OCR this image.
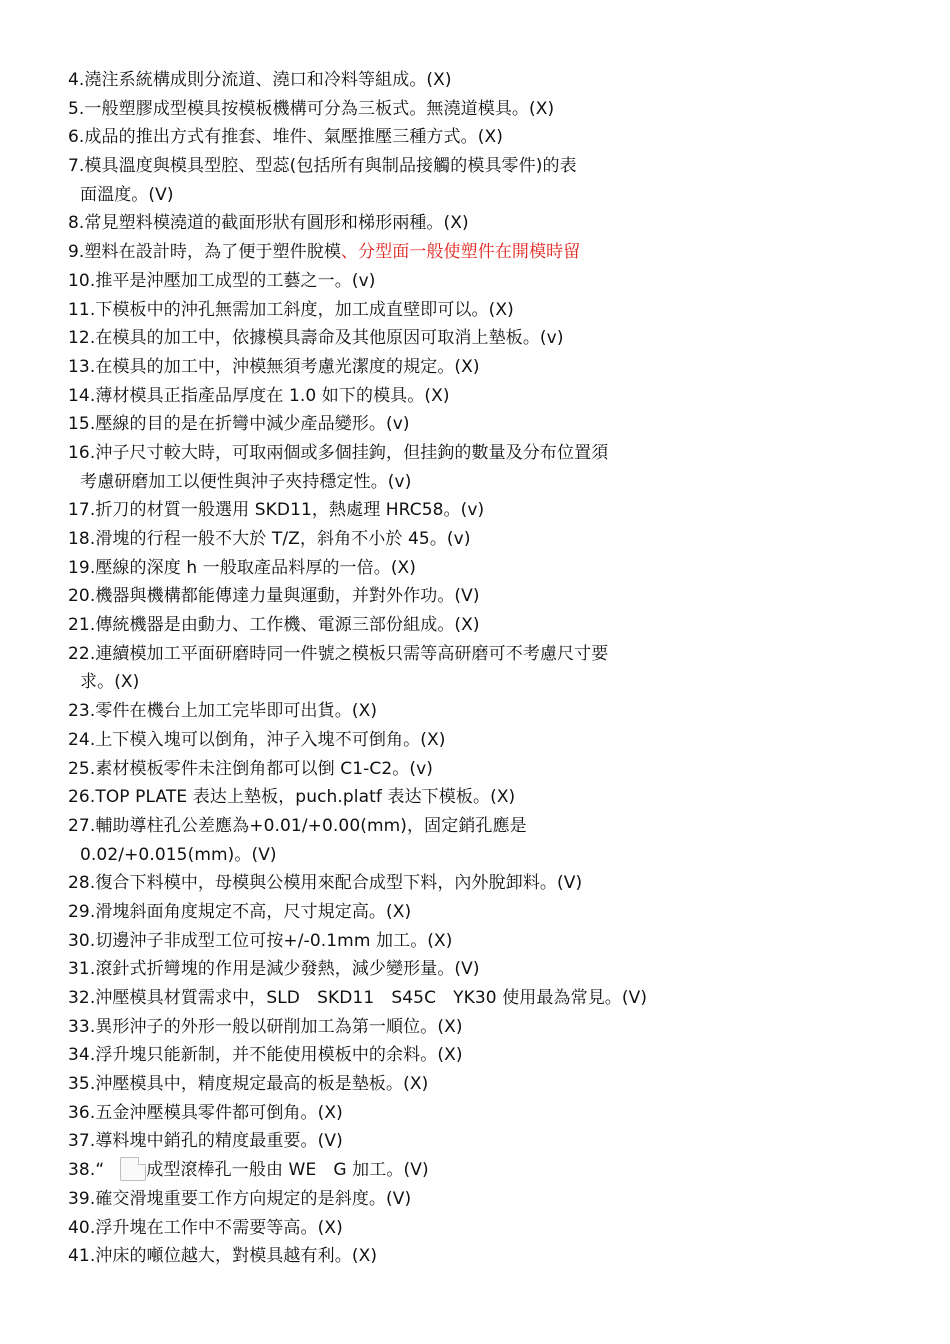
4.澆注系統構成則分流道、澆口和冷料等組成。(X)
5.一般塑膠成型模具按模板機構可分為三板式。無澆道模具。(X)
6.成品的推出方式有推套、堆件、氣壓推壓三種方式。(X)
7.模具溫度與模具型腔、型蕊(包括所有與制品接觸的模具零件)的表
面溫度。(V)
8.常見塑料模澆道的截面形狀有圓形和梯形兩種。(X)
9.塑料在設計時，為了便于塑件脫模、分型面一般使塑件在開模時留
10.推平是沖壓加工成型的工藝之一。(v)
11.下模板中的沖孔無需加工斜度，加工成直壁即可以。(X)
12.在模具的加工中，依據模具壽命及其他原因可取消上墊板。(v)
13.在模具的加工中，沖模無須考慮光潔度的規定。(X)
14.薄材模具正指產品厚度在 1.0 如下的模具。(X)
15.壓線的目的是在折彎中減少產品變形。(v)
16.沖子尺寸較大時，可取兩個或多個挂鉤，但挂鉤的數量及分布位置須
考慮研磨加工以便性與沖子夾持穩定性。(v)
17.折刀的材質一般選用 SKD11，熱處理 HRC58。(v)
18.滑塊的行程一般不大於 T/Z，斜角不小於 45。(v)
19.壓線的深度 h 一般取產品料厚的一倍。(X)
20.機器與機構都能傳達力量與運動，并對外作功。(V)
21.傳統機器是由動力、工作機、電源三部份組成。(X)
22.連續模加工平面研磨時同一件號之模板只需等高研磨可不考慮尺寸要
求。(X)
23.零件在機台上加工完毕即可出貨。(X)
24.上下模入塊可以倒角，沖子入塊不可倒角。(X)
25.素材模板零件未注倒角都可以倒 C1-C2。(v)
26.TOP PLATE 表达上墊板，puch.platf 表达下模板。(X)
27.輔助導柱孔公差應為+0.01/+0.00(mm)，固定銷孔應是
0.02/+0.015(mm)。(V)
28.復合下料模中，母模與公模用來配合成型下料，內外脫卸料。(V)
29.滑塊斜面角度規定不高，尺寸規定高。(X)
30.切邊沖子非成型工位可按+/-0.1mm 加工。(X)
31.滾針式折彎塊的作用是減少發熱，減少變形量。(V)
32.沖壓模具材質需求中，SLD　SKD11　S45C　YK30 使用最為常見。(V)
33.異形沖子的外形一般以研削加工為第一順位。(X)
34.浮升塊只能新制，并不能使用模板中的余料。(X)
35.沖壓模具中，精度規定最高的板是墊板。(X)
36.五金沖壓模具零件都可倒角。(X)
37.導料塊中銷孔的精度最重要。(V)
38.“ 成型滾棒孔一般由 WE　G 加工。(V)
39.確交滑塊重要工作方向規定的是斜度。(V)
40.浮升塊在工作中不需要等高。(X)
41.沖床的噸位越大，對模具越有利。(X)
